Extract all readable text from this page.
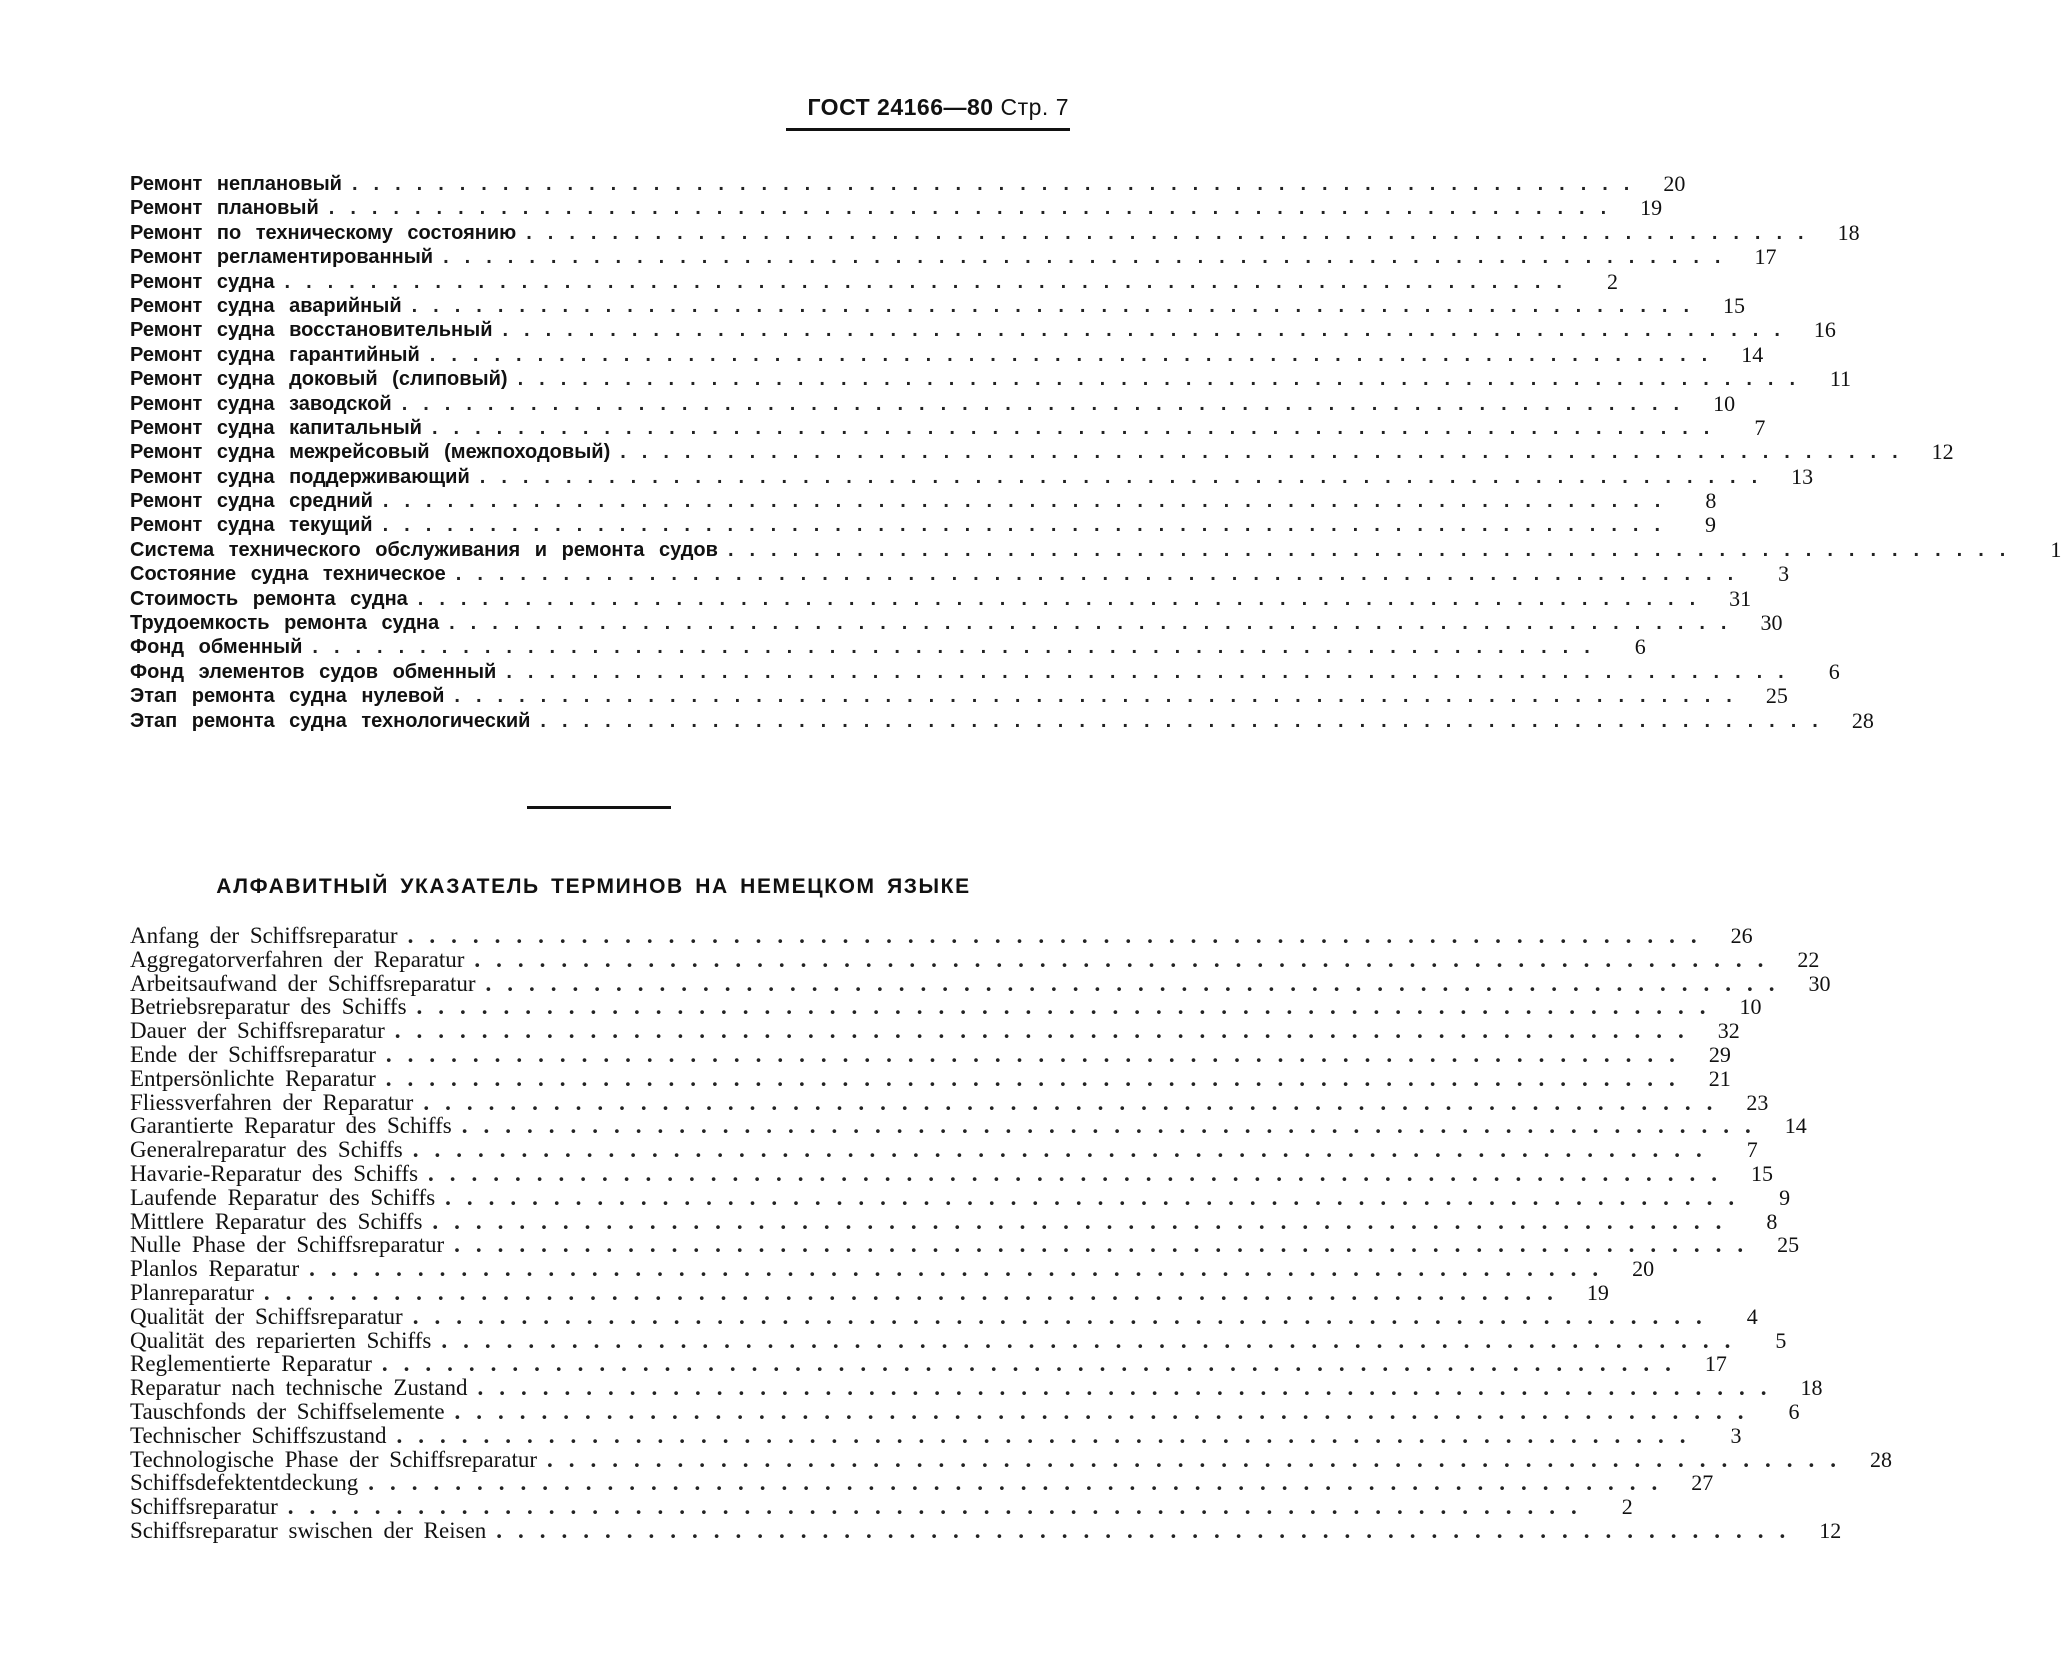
ГОСТ 24166—80 Стр. 7
Ремонт неплановый ............................................................ 20
Ремонт плановый ............................................................ 19
Ремонт по техническому состоянию ............................................................ 18
Ремонт регламентированный ............................................................ 17
Ремонт судна ............................................................	2
Ремонт судна аварийный ............................................................ 15
Ремонт судна восстановительный ............................................................ 16
Ремонт судна гарантийный ............................................................ 14
Ремонт судна доковый (слиповый) ............................................................ 11
Ремонт судна заводской ............................................................ 10
Ремонт судна капитальный ............................................................	7
Ремонт судна межрейсовый (межпоходовый) ............................................................ 12
Ремонт судна поддерживающий ............................................................ 13
Ремонт судна средний ............................................................	8
Ремонт судна текущий ............................................................	9
Система технического обслуживания и ремонта судов ............................................................	1
Состояние судна техническое ............................................................	3
Стоимость ремонта судна ............................................................ 31
Трудоемкость ремонта судна ............................................................ 30
Фонд обменный ............................................................	6
Фонд элементов судов обменный ............................................................	6
Этап ремонта судна нулевой ............................................................ 25
Этап ремонта судна технологический ............................................................ 28
АЛФАВИТНЫЙ УКАЗАТЕЛЬ ТЕРМИНОВ НА НЕМЕЦКОМ ЯЗЫКЕ
Anfang der Schiffsreparatur ............................................................ 26
Aggregatorverfahren der Reparatur ............................................................ 22
Arbeitsaufwand der Schiffsreparatur ............................................................ 30
Betriebsreparatur des Schiffs ............................................................ 10
Dauer der Schiffsreparatur ............................................................ 32
Ende der Schiffsreparatur ............................................................ 29
Entpersönlichte Reparatur ............................................................ 21
Fliessverfahren der Reparatur ............................................................ 23
Garantierte Reparatur des Schiffs ............................................................ 14
Generalreparatur des Schiffs ............................................................	7
Havarie-Reparatur des Schiffs ............................................................ 15
Laufende Reparatur des Schiffs ............................................................	9
Mittlere Reparatur des Schiffs ............................................................	8
Nulle Phase der Schiffsreparatur ............................................................ 25
Planlos Reparatur ............................................................ 20
Planreparatur ............................................................ 19
Qualität der Schiffsreparatur ............................................................	4
Qualität des reparierten Schiffs ............................................................	5
Reglementierte Reparatur ............................................................ 17
Reparatur nach technische Zustand ............................................................ 18
Tauschfonds der Schiffselemente ............................................................	6
Technischer Schiffszustand ............................................................	3
Technologische Phase der Schiffsreparatur ............................................................ 28
Schiffsdefektentdeckung ............................................................ 27
Schiffsreparatur ............................................................	2
Schiffsreparatur swischen der Reisen ............................................................ 12
